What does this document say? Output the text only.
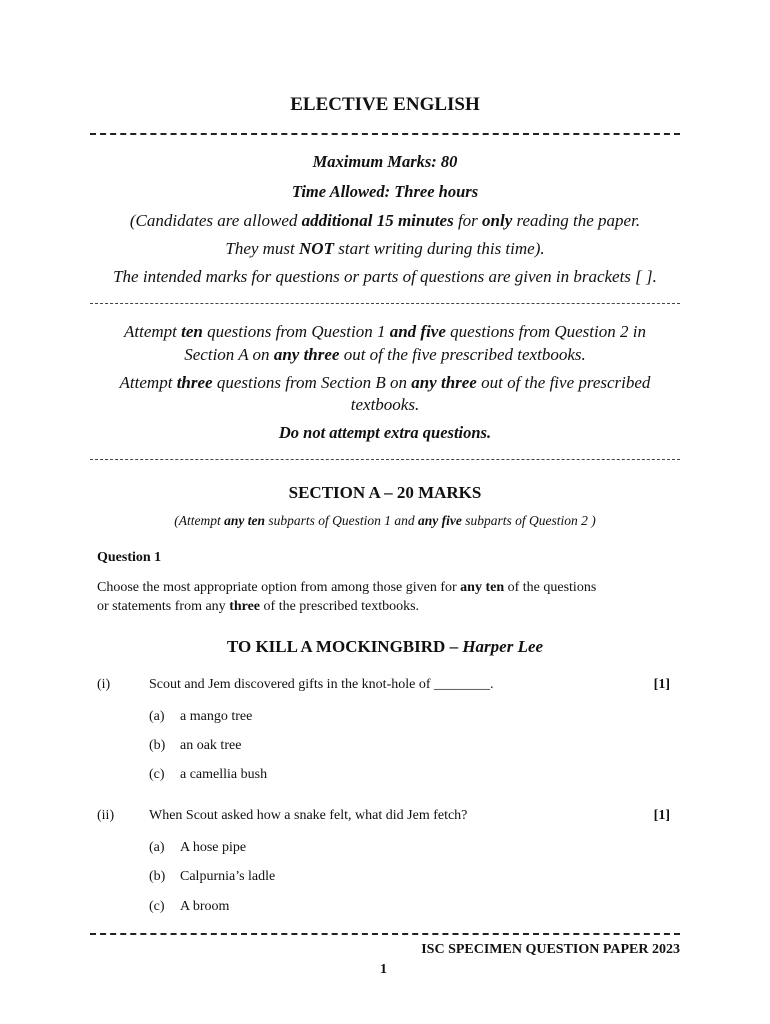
ELECTIVE ENGLISH
Maximum Marks: 80
Time Allowed: Three hours
(Candidates are allowed additional 15 minutes for only reading the paper.
They must NOT start writing during this time).
The intended marks for questions or parts of questions are given in brackets [ ].
Attempt ten questions from Question 1 and five questions from Question 2 in
Section A on any three out of the five prescribed textbooks.
Attempt three questions from Section B on any three out of the five prescribed
textbooks.
Do not attempt extra questions.
SECTION A – 20 MARKS
(Attempt any ten subparts of Question 1 and any five subparts of Question 2 )
Question 1
Choose the most appropriate option from among those given for any ten of the questions
or statements from any three of the prescribed textbooks.
TO KILL A MOCKINGBIRD – Harper Lee
(i)	Scout and Jem discovered gifts in the knot-hole of ________.	[1]
(a) a mango tree
(b) an oak tree
(c) a camellia bush
(ii) When Scout asked how a snake felt, what did Jem fetch?	[1]
(a) A hose pipe
(b) Calpurnia’s ladle
(c) A broom
ISC SPECIMEN QUESTION PAPER 2023
1
